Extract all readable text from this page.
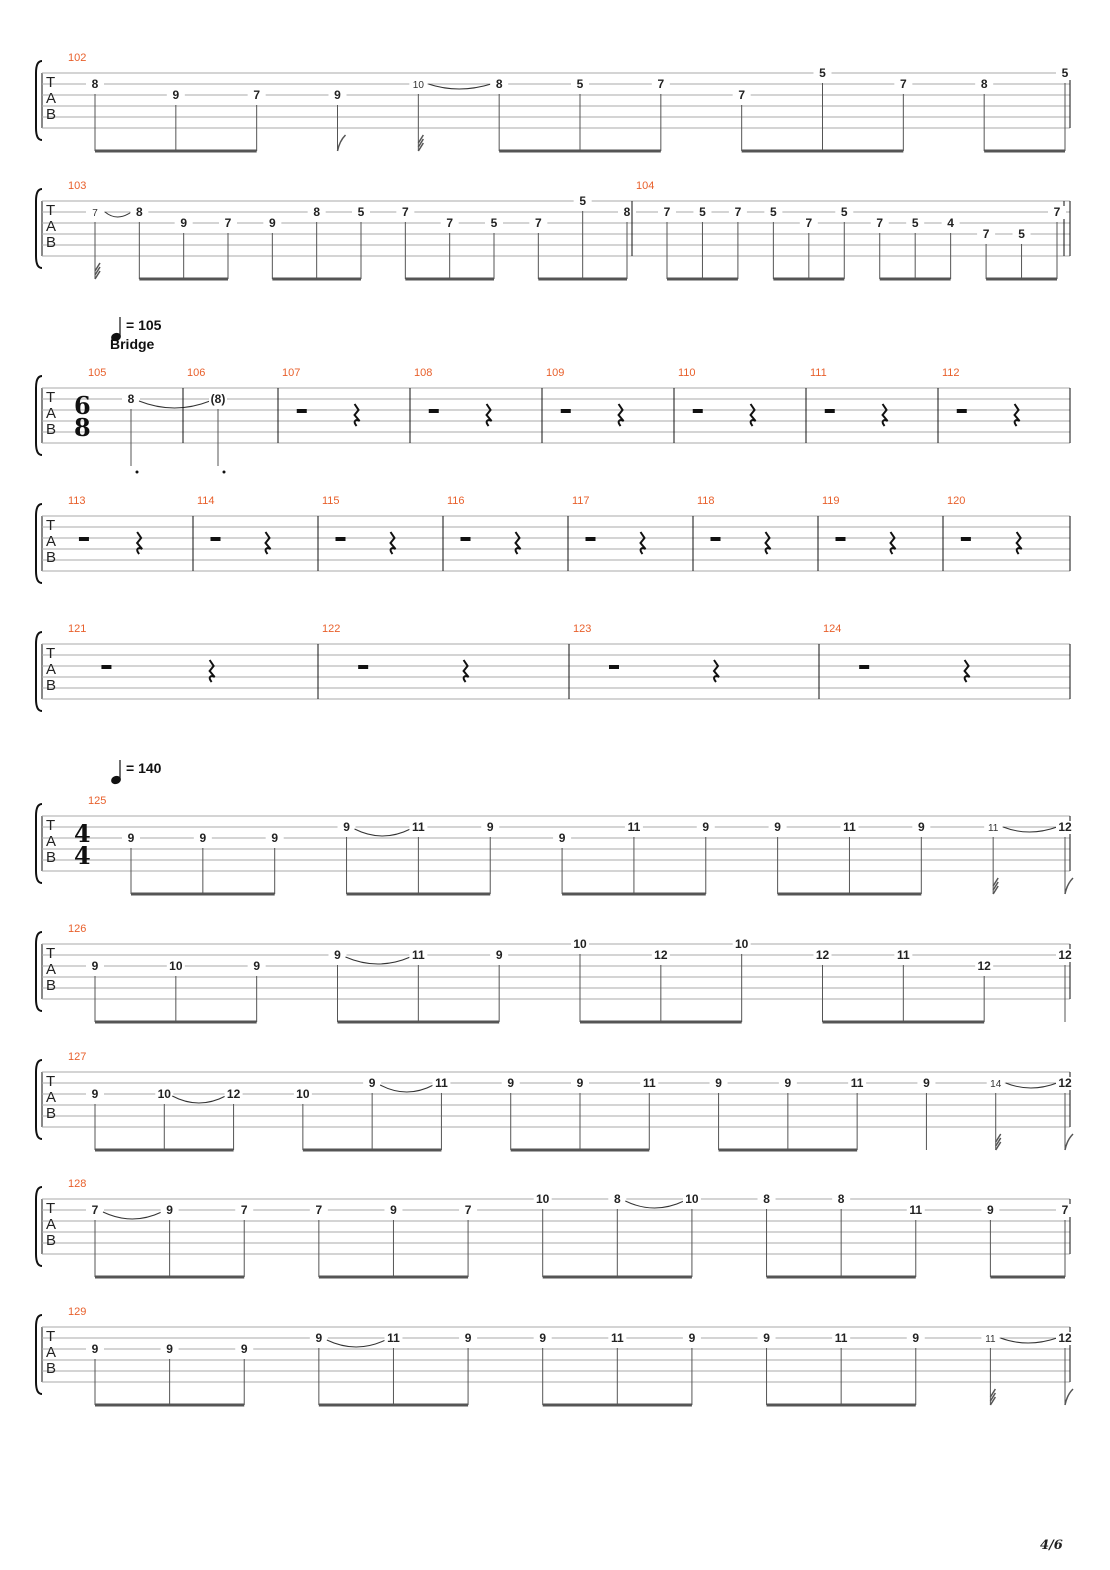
T
A
B
102
8
9	7	9
10	8	5	7
7
5
7	8
5
T
A
B
103
7	8
9	7	9
8	5	7
7	5	7
5
8
104
7 5 7 5
7
5
7 5 4
7 5
7
T
A
B
= 105
Bridge
6
8
105
8
106
(8)
107	108	109	110	111	112
T
A
B
113	114	115	116	117	118	119	120
T
A
B
121	122	123	124
T
A
B
= 140
4
4
125
9	9	9
9	11	9
9
11	9	9	11	9	11	12
T
A
B
126
9	10	9
9	11	9
10
12
10
12	11
12
12
T
A
B
127
9	10	12	10
9	11	9	9	11	9	9	11	9	14	12
T
A
B
128
7	9	7	7	9	7
10	8	10	8	8
11	9	7
T
A
B
129
9	9	9
9	11	9	9	11	9	9	11	9	11	12
4/6
